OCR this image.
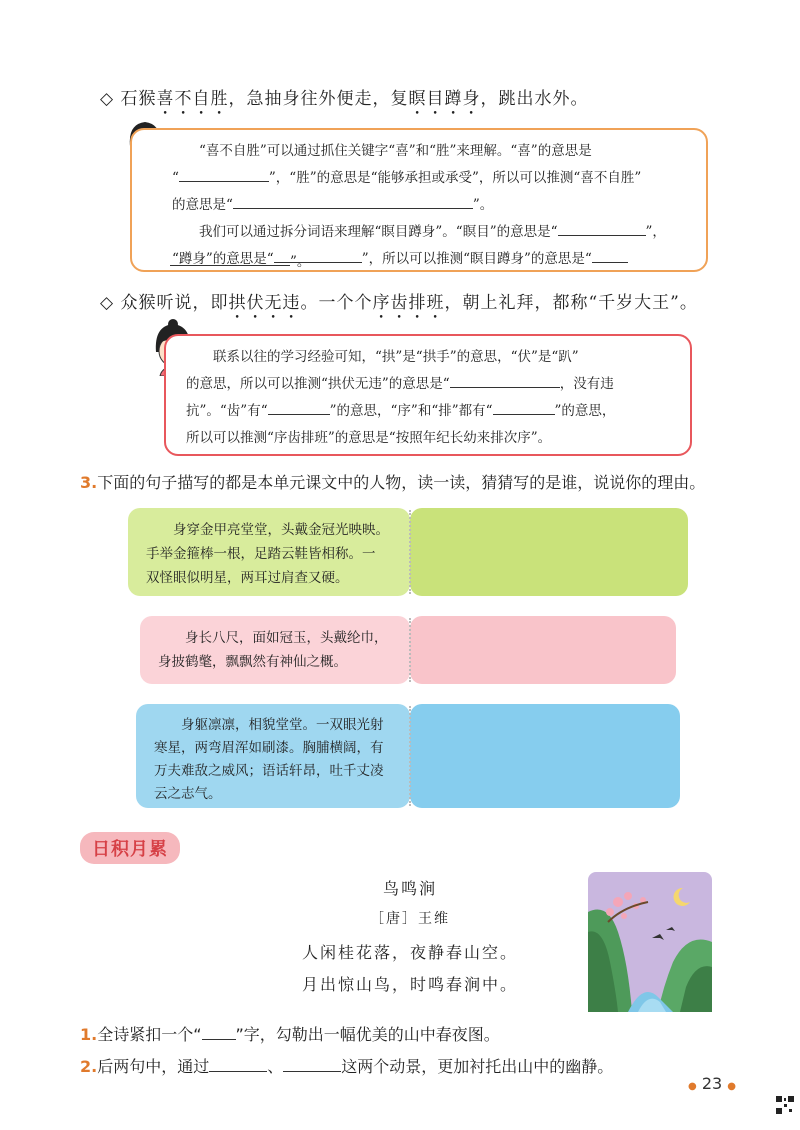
◇ 石猴喜不自胜，急抽身往外便走，复瞑目蹲身，跳出水外。

“喜不自胜”可以通过抓住关键字“喜”和“胜”来理解。“喜”的意思是

“	”，“胜”的意思是“能够承担或承受”，所以可以推测“喜不自胜”

的意思是“	”。

我们可以通过拆分词语来理解“瞑目蹲身”。“瞑目”的意思是“	”，

“蹲身”的意思是“	”，所以可以推测“瞑目蹲身”的意思是“

”。
◇ 众猴听说，即拱伏无违。一个个序齿排班，朝上礼拜，都称“千岁大王”。

联系以往的学习经验可知，“拱”是“拱手”的意思，“伏”是“趴”

的意思，所以可以推测“拱伏无违”的意思是“	，没有违

抗”。“齿”有“	”的意思，“序”和“排”都有“	”的意思，

所以可以推测“序齿排班”的意思是“按照年纪长幼来排次序”。

3.下面的句子描写的都是本单元课文中的人物，读一读，猜猜写的是谁，说说你的理由。

身穿金甲亮堂堂，头戴金冠光映映。

手举金箍棒一根，足踏云鞋皆相称。一

双怪眼似明星，两耳过肩查又硬。

身长八尺，面如冠玉，头戴纶巾，

身披鹤氅，飘飘然有神仙之概。

身躯凛凛，相貌堂堂。一双眼光射

寒星，两弯眉浑如刷漆。胸脯横阔，有

万夫难敌之威风；语话轩昂，吐千丈凌

云之志气。

日积月累
鸟鸣涧
［唐］王维
人闲桂花落，夜静春山空。
月出惊山鸟，时鸣春涧中。
1.全诗紧扣一个“ ”字，勾勒出一幅优美的山中春夜图。
2.后两句中，通过	、	这两个动景，更加衬托出山中的幽静。
● 23 ●
